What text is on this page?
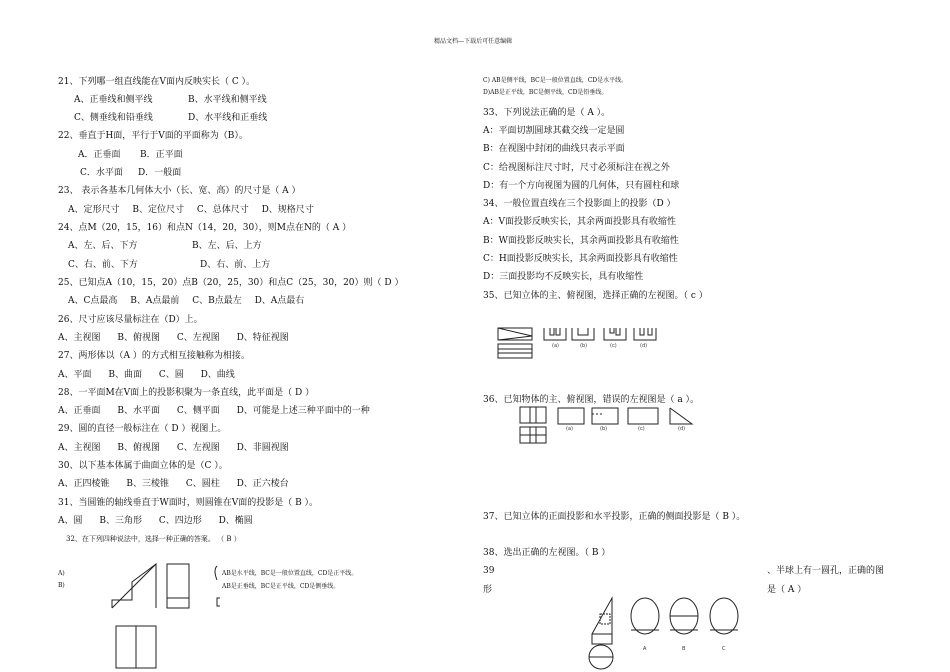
精品文档---下载后可任意编辑
21、下列哪一组直线能在V面内反映实长（ C ）。
A、正垂线和侧平线	B、水平线和侧平线
C、侧垂线和铅垂线	D、水平线和正垂线
22、垂直于H面，平行于V面的平面称为（B）。
A．正垂面 B．正平面
C．水平面 D．一般面
23、 表示各基本几何体大小（长、宽、高）的尺寸是（ A ）
A、定形尺寸 B、定位尺寸 C、总体尺寸 D、规格尺寸
24、点M（20，15，16）和点N（14，20，30），则M点在N的（ A ）
A、左、后、下方	B、左、后、上方
C、右、前、下方	D、右、前、上方
25、已知点A（10，15，20）点B（20，25，30）和点C（25，30，20）则（ D ）
A、C点最高 B、A点最前 C、B点最左 D、A点最右
26、尺寸应该尽量标注在（D）上。
A、主视图 B、俯视图 C、左视图 D、特征视图
27、两形体以（A ）的方式相互接触称为相接。
A、平面 B、曲面 C、圆 D、曲线
28、一平面M在V面上的投影积聚为一条直线，此平面是（ D ）
A、正垂面 B、水平面 C、侧平面 D、可能是上述三种平面中的一种
29、圆的直径一般标注在（ D ）视图上。
A、主视图 B、俯视图 C、左视图 D、非圆视图
30、以下基本体属于曲面立体的是（C ）。
A、正四棱锥 B、三棱锥 C、圆柱 D、正六棱台
31、当圆锥的轴线垂直于W面时，则圆锥在V面的投影是（ B ）。
A、圆 B、三角形 C、四边形 D、椭圆
32、在下列四种说法中，选择一种正确的答案。 （ B ）
A)
B)
AB是水平线，BC是一般位置直线，CD是正平线。
AB是正垂线，BC是正平线，CD是侧垂线。
C) AB是侧平线，BC是一般位置直线，CD是水平线。
D)AB是正平线，BC是侧平线，CD是铅垂线。
33、下列说法正确的是（ A ）。
A：平面切割圆球其截交线一定是圆
B：在视图中封闭的曲线只表示平面
C：给视图标注尺寸时，尺寸必须标注在视之外
D：有一个方向视图为圆的几何体，只有圆柱和球
34、一般位置直线在三个投影面上的投影（D ）
A：V面投影反映实长，其余两面投影具有收缩性
B：W面投影反映实长，其余两面投影具有收缩性
C：H面投影反映实长，其余两面投影具有收缩性
D：三面投影均不反映实长，具有收缩性
35、已知立体的主、俯视图，选择正确的左视图。（ c ）
(a)	(b)	(c)	(d)
36、已知物体的主、俯视图，错误的左视图是（ a ）。
(a)	(b)	(c)	(d)
37、已知立体的正面投影和水平投影，正确的侧面投影是（ B ）。
38、选出正确的左视图。（ B ）
39	、半球上有一圆孔，正确的图
形	是（ A ）
A	B	C
